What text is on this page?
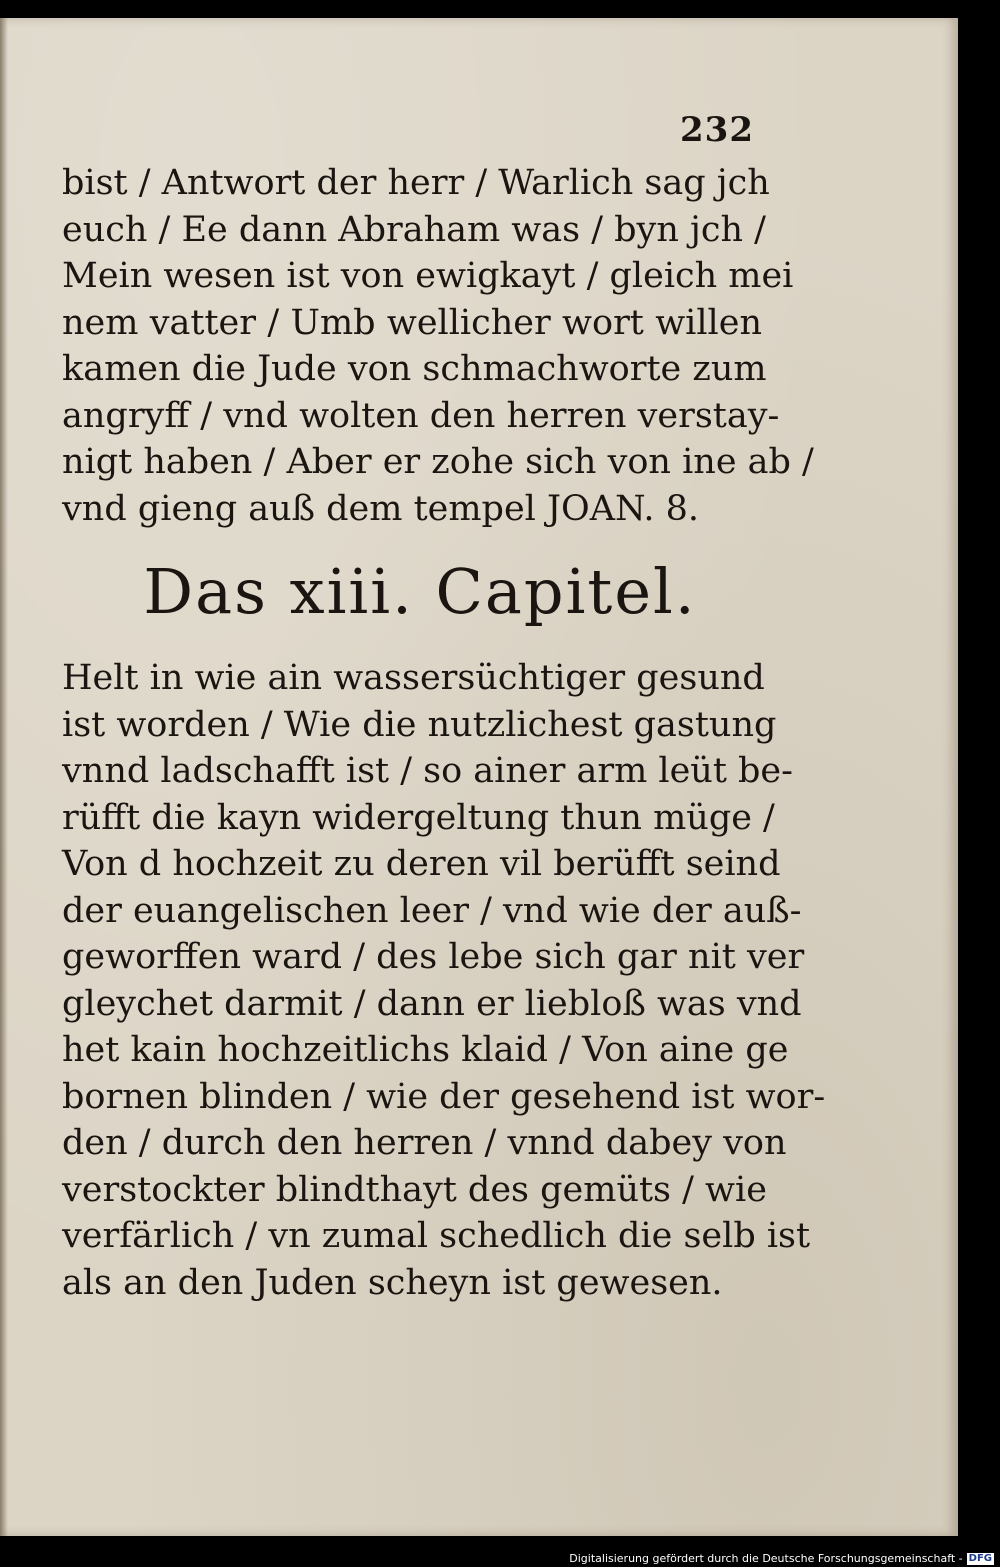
232
bist / Antwort der herr / Warlich sag jch
euch / Ee dann Abraham was / byn jch /
Mein wesen ist von ewigkayt / gleich mei
nem vatter / Umb wellicher wort willen
kamen die Jude von schmachworte zum
angryff / vnd wolten den herren verstay-
nigt haben / Aber er zohe sich von ine ab /
vnd gieng auß dem tempel JOAN. 8.
Das xiii. Capitel.
Helt in wie ain wassersüchtiger gesund
ist worden / Wie die nutzlichest gastung
vnnd ladschafft ist / so ainer arm leüt be-
rüfft die kayn widergeltung thun müge /
Von d hochzeit zu deren vil berüfft seind
der euangelischen leer / vnd wie der auß-
geworffen ward / des lebe sich gar nit ver
gleychet darmit / dann er liebloß was vnd
het kain hochzeitlichs klaid / Von aine ge
bornen blinden / wie der gesehend ist wor-
den / durch den herren / vnnd dabey von
verstockter blindthayt des gemüts / wie
verfärlich / vn zumal schedlich die selb ist
als an den Juden scheyn ist gewesen.
Digitalisierung gefördert durch die Deutsche Forschungsgemeinschaft - DFG
